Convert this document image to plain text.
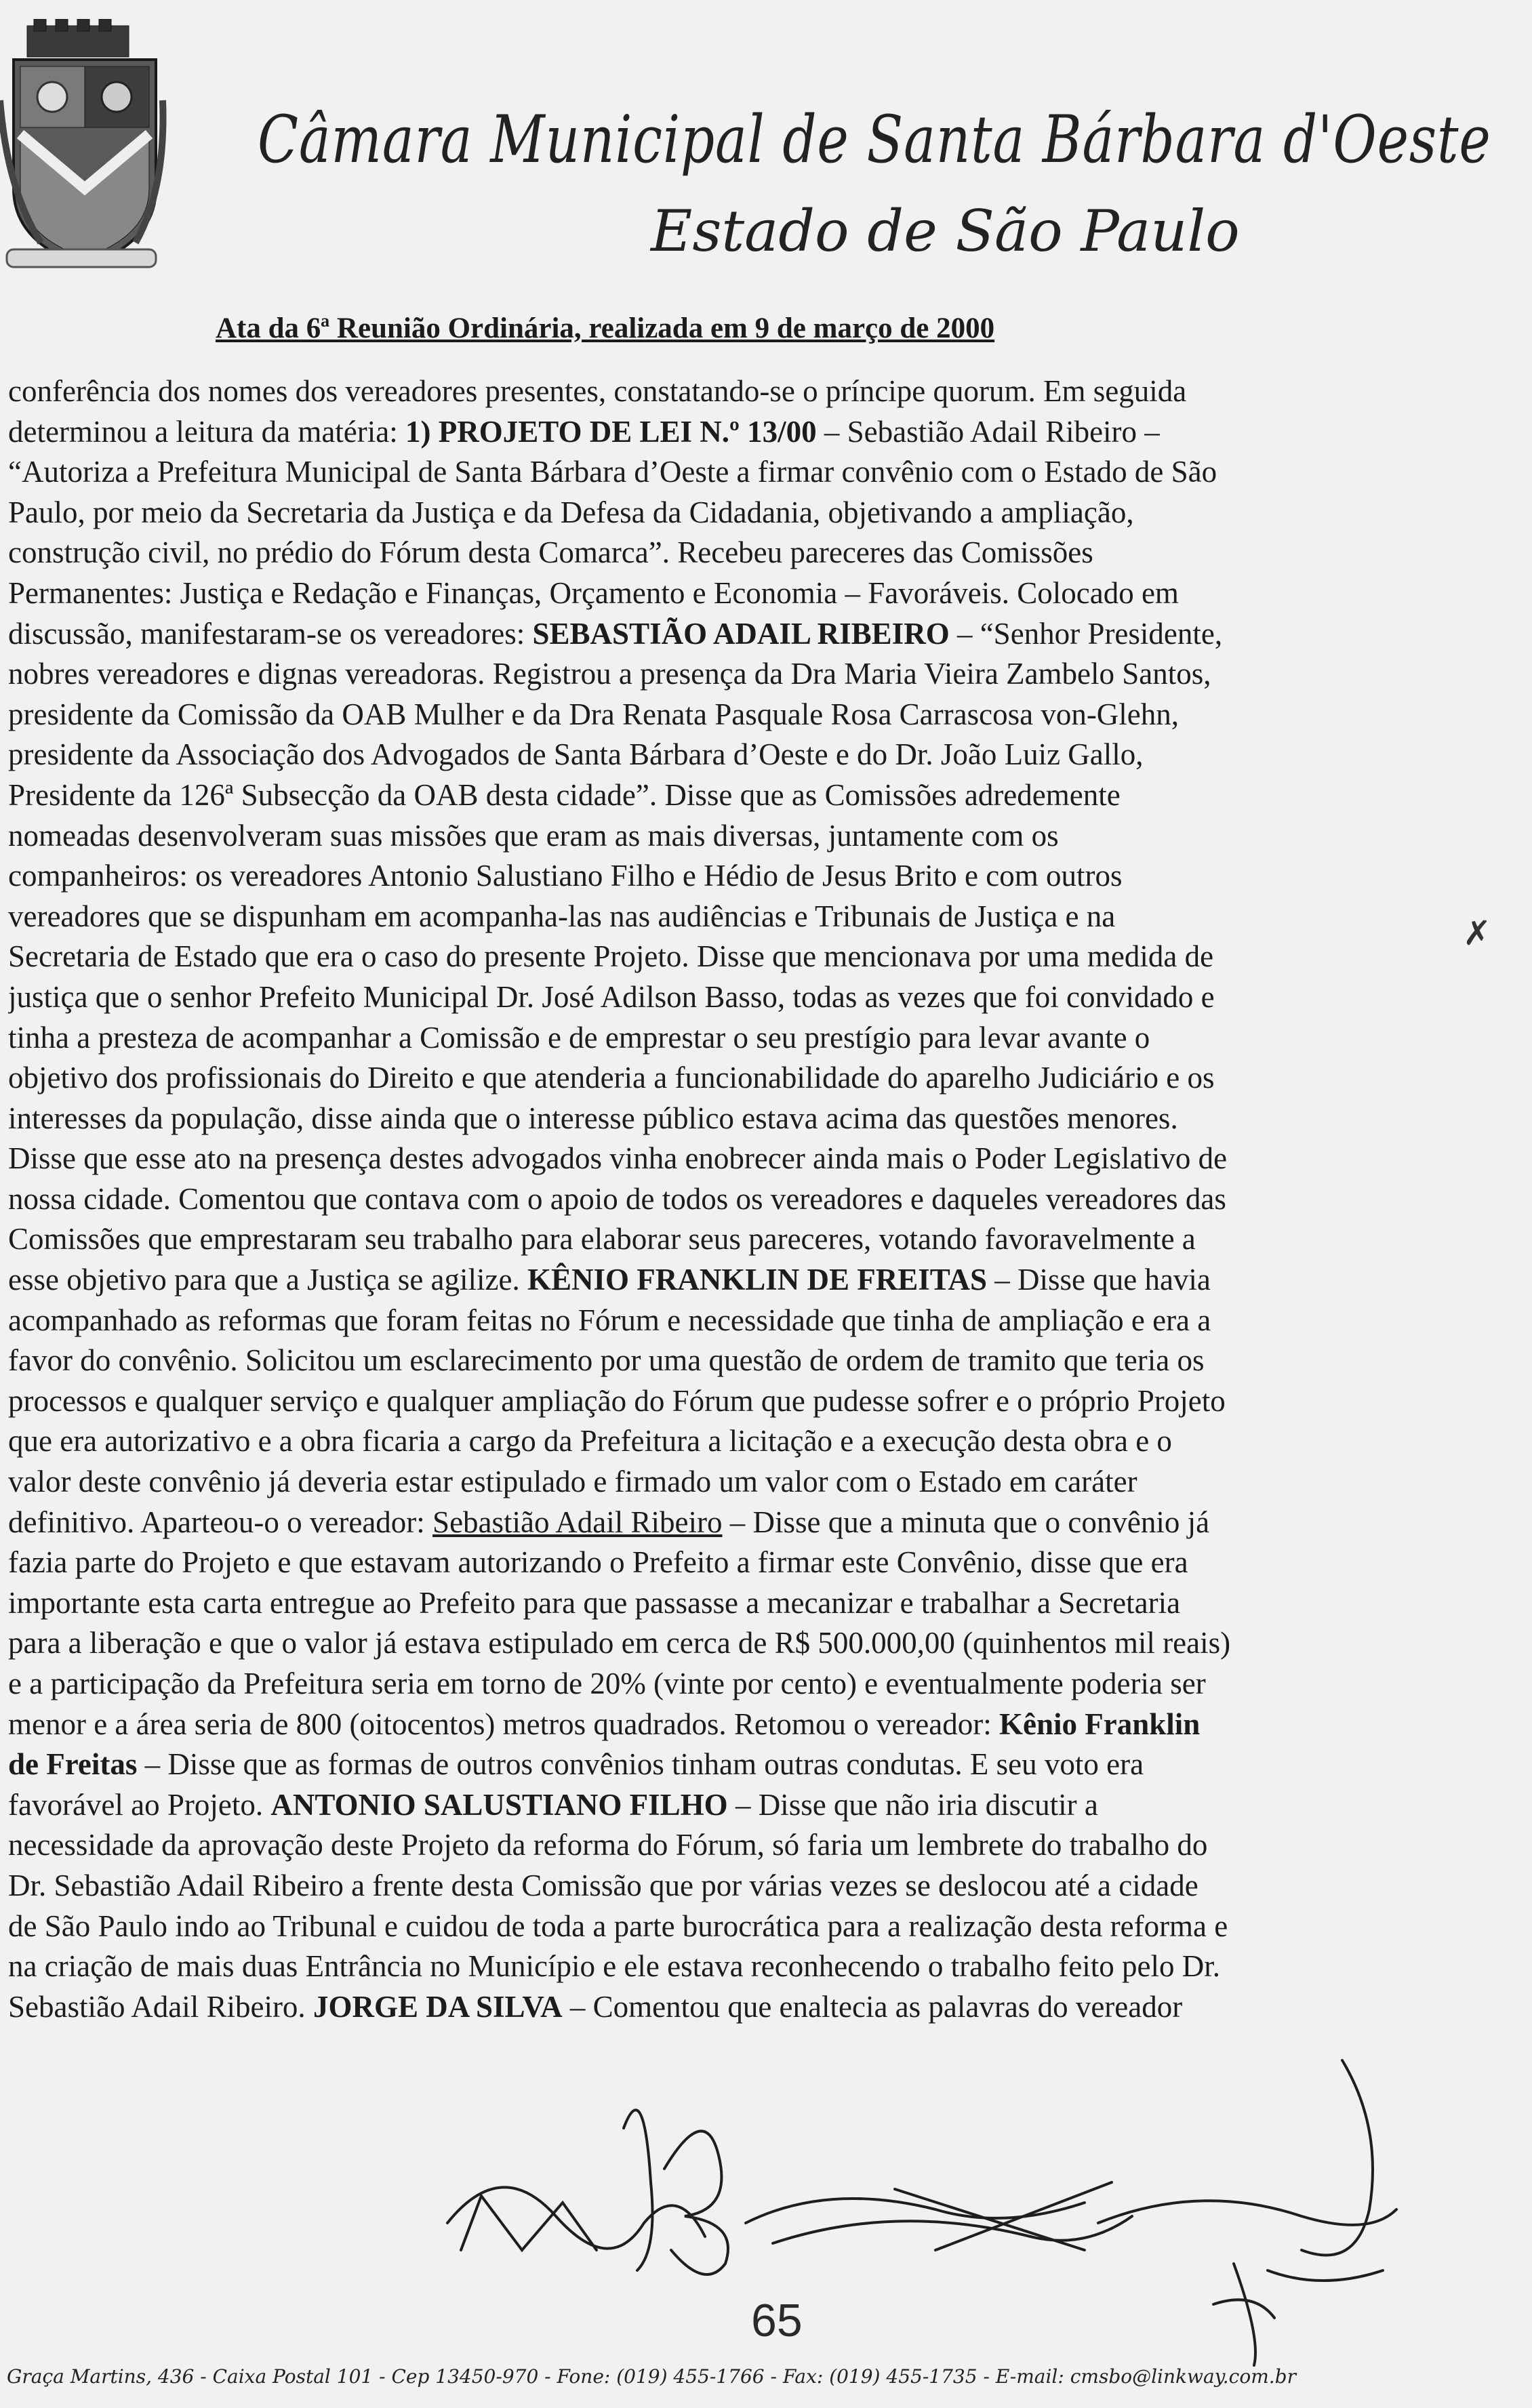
Câmara Municipal de Santa Bárbara d'Oeste
Estado de São Paulo
Ata da 6ª Reunião Ordinária, realizada em 9 de março de 2000
conferência dos nomes dos vereadores presentes, constatando-se o príncipe quorum. Em seguida
determinou a leitura da matéria: 1) PROJETO DE LEI N.º 13/00 – Sebastião Adail Ribeiro –
“Autoriza a Prefeitura Municipal de Santa Bárbara d’Oeste a firmar convênio com o Estado de São
Paulo, por meio da Secretaria da Justiça e da Defesa da Cidadania, objetivando a ampliação,
construção civil, no prédio do Fórum desta Comarca”. Recebeu pareceres das Comissões
Permanentes: Justiça e Redação e Finanças, Orçamento e Economia – Favoráveis. Colocado em
discussão, manifestaram-se os vereadores: SEBASTIÃO ADAIL RIBEIRO – “Senhor Presidente,
nobres vereadores e dignas vereadoras. Registrou a presença da Dra Maria Vieira Zambelo Santos,
presidente da Comissão da OAB Mulher e da Dra Renata Pasquale Rosa Carrascosa von-Glehn,
presidente da Associação dos Advogados de Santa Bárbara d’Oeste e do Dr. João Luiz Gallo,
Presidente da 126ª Subsecção da OAB desta cidade”. Disse que as Comissões adredemente
nomeadas desenvolveram suas missões que eram as mais diversas, juntamente com os
companheiros: os vereadores Antonio Salustiano Filho e Hédio de Jesus Brito e com outros
vereadores que se dispunham em acompanha-las nas audiências e Tribunais de Justiça e na
Secretaria de Estado que era o caso do presente Projeto. Disse que mencionava por uma medida de
justiça que o senhor Prefeito Municipal Dr. José Adilson Basso, todas as vezes que foi convidado e
tinha a presteza de acompanhar a Comissão e de emprestar o seu prestígio para levar avante o
objetivo dos profissionais do Direito e que atenderia a funcionabilidade do aparelho Judiciário e os
interesses da população, disse ainda que o interesse público estava acima das questões menores.
Disse que esse ato na presença destes advogados vinha enobrecer ainda mais o Poder Legislativo de
nossa cidade. Comentou que contava com o apoio de todos os vereadores e daqueles vereadores das
Comissões que emprestaram seu trabalho para elaborar seus pareceres, votando favoravelmente a
esse objetivo para que a Justiça se agilize. KÊNIO FRANKLIN DE FREITAS – Disse que havia
acompanhado as reformas que foram feitas no Fórum e necessidade que tinha de ampliação e era a
favor do convênio. Solicitou um esclarecimento por uma questão de ordem de tramito que teria os
processos e qualquer serviço e qualquer ampliação do Fórum que pudesse sofrer e o próprio Projeto
que era autorizativo e a obra ficaria a cargo da Prefeitura a licitação e a execução desta obra e o
valor deste convênio já deveria estar estipulado e firmado um valor com o Estado em caráter
definitivo. Aparteou-o o vereador: Sebastião Adail Ribeiro – Disse que a minuta que o convênio já
fazia parte do Projeto e que estavam autorizando o Prefeito a firmar este Convênio, disse que era
importante esta carta entregue ao Prefeito para que passasse a mecanizar e trabalhar a Secretaria
para a liberação e que o valor já estava estipulado em cerca de R$ 500.000,00 (quinhentos mil reais)
e a participação da Prefeitura seria em torno de 20% (vinte por cento) e eventualmente poderia ser
menor e a área seria de 800 (oitocentos) metros quadrados. Retomou o vereador: Kênio Franklin
de Freitas – Disse que as formas de outros convênios tinham outras condutas. E seu voto era
favorável ao Projeto. ANTONIO SALUSTIANO FILHO – Disse que não iria discutir a
necessidade da aprovação deste Projeto da reforma do Fórum, só faria um lembrete do trabalho do
Dr. Sebastião Adail Ribeiro a frente desta Comissão que por várias vezes se deslocou até a cidade
de São Paulo indo ao Tribunal e cuidou de toda a parte burocrática para a realização desta reforma e
na criação de mais duas Entrância no Município e ele estava reconhecendo o trabalho feito pelo Dr.
Sebastião Adail Ribeiro. JORGE DA SILVA – Comentou que enaltecia as palavras do vereador
✗
65
Graça Martins, 436 - Caixa Postal 101 - Cep 13450-970 - Fone: (019) 455-1766 - Fax: (019) 455-1735 - E-mail: cmsbo@linkway.com.br
